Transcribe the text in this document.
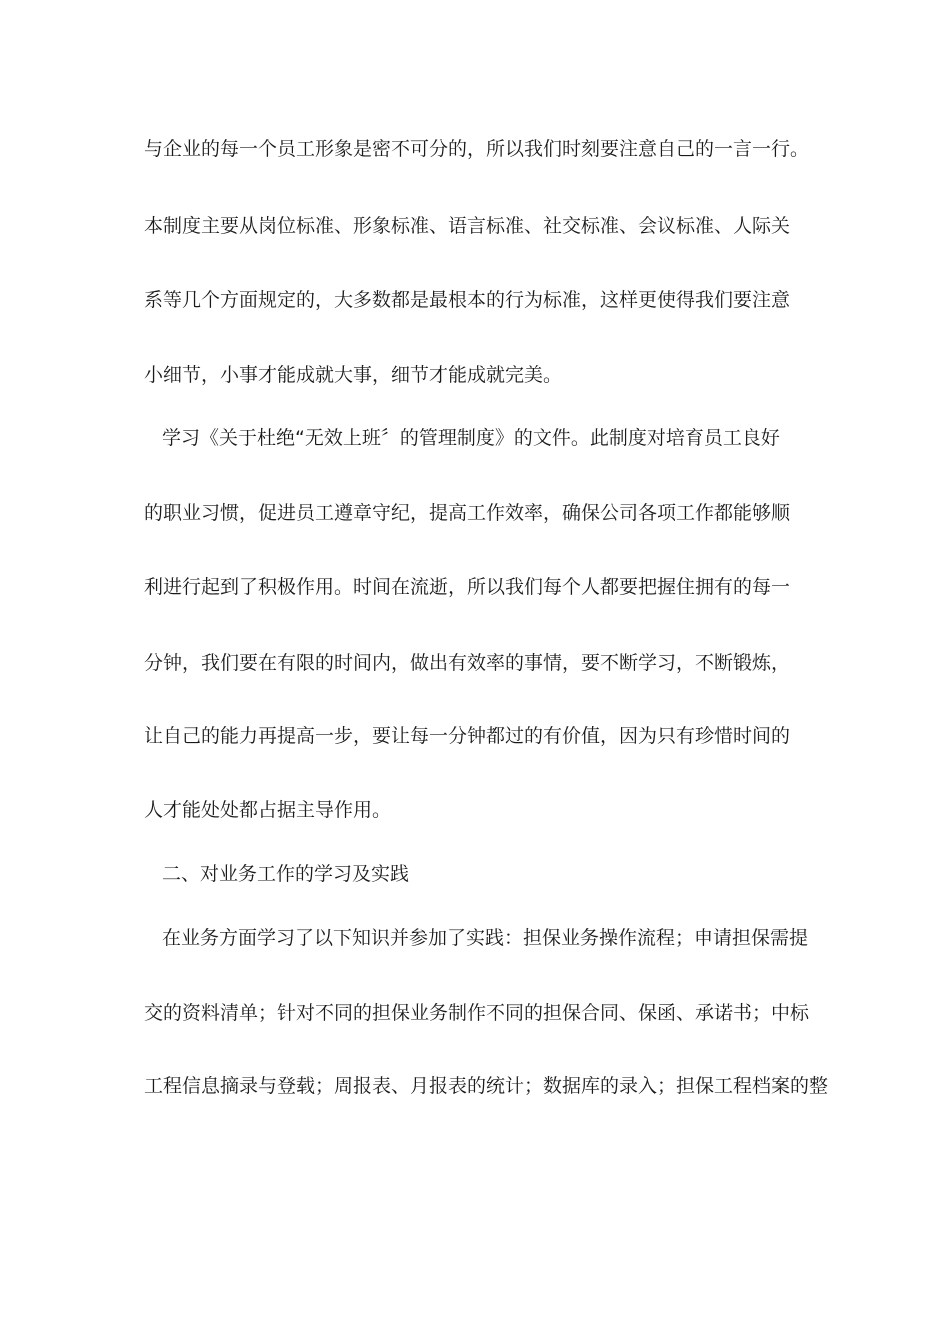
与企业的每一个员工形象是密不可分的，所以我们时刻要注意自己的一言一行。
本制度主要从岗位标准、形象标准、语言标准、社交标准、会议标准、人际关
系等几个方面规定的，大多数都是最根本的行为标准，这样更使得我们要注意
小细节，小事才能成就大事，细节才能成就完美。
学习《关于杜绝“无效上班〞的管理制度》的文件。此制度对培育员工良好
的职业习惯，促进员工遵章守纪，提高工作效率，确保公司各项工作都能够顺
利进行起到了积极作用。时间在流逝，所以我们每个人都要把握住拥有的每一
分钟，我们要在有限的时间内，做出有效率的事情，要不断学习，不断锻炼，
让自己的能力再提高一步，要让每一分钟都过的有价值，因为只有珍惜时间的
人才能处处都占据主导作用。
二、对业务工作的学习及实践
在业务方面学习了以下知识并参加了实践：担保业务操作流程；申请担保需提
交的资料清单；针对不同的担保业务制作不同的担保合同、保函、承诺书；中标
工程信息摘录与登载；周报表、月报表的统计；数据库的录入；担保工程档案的整
